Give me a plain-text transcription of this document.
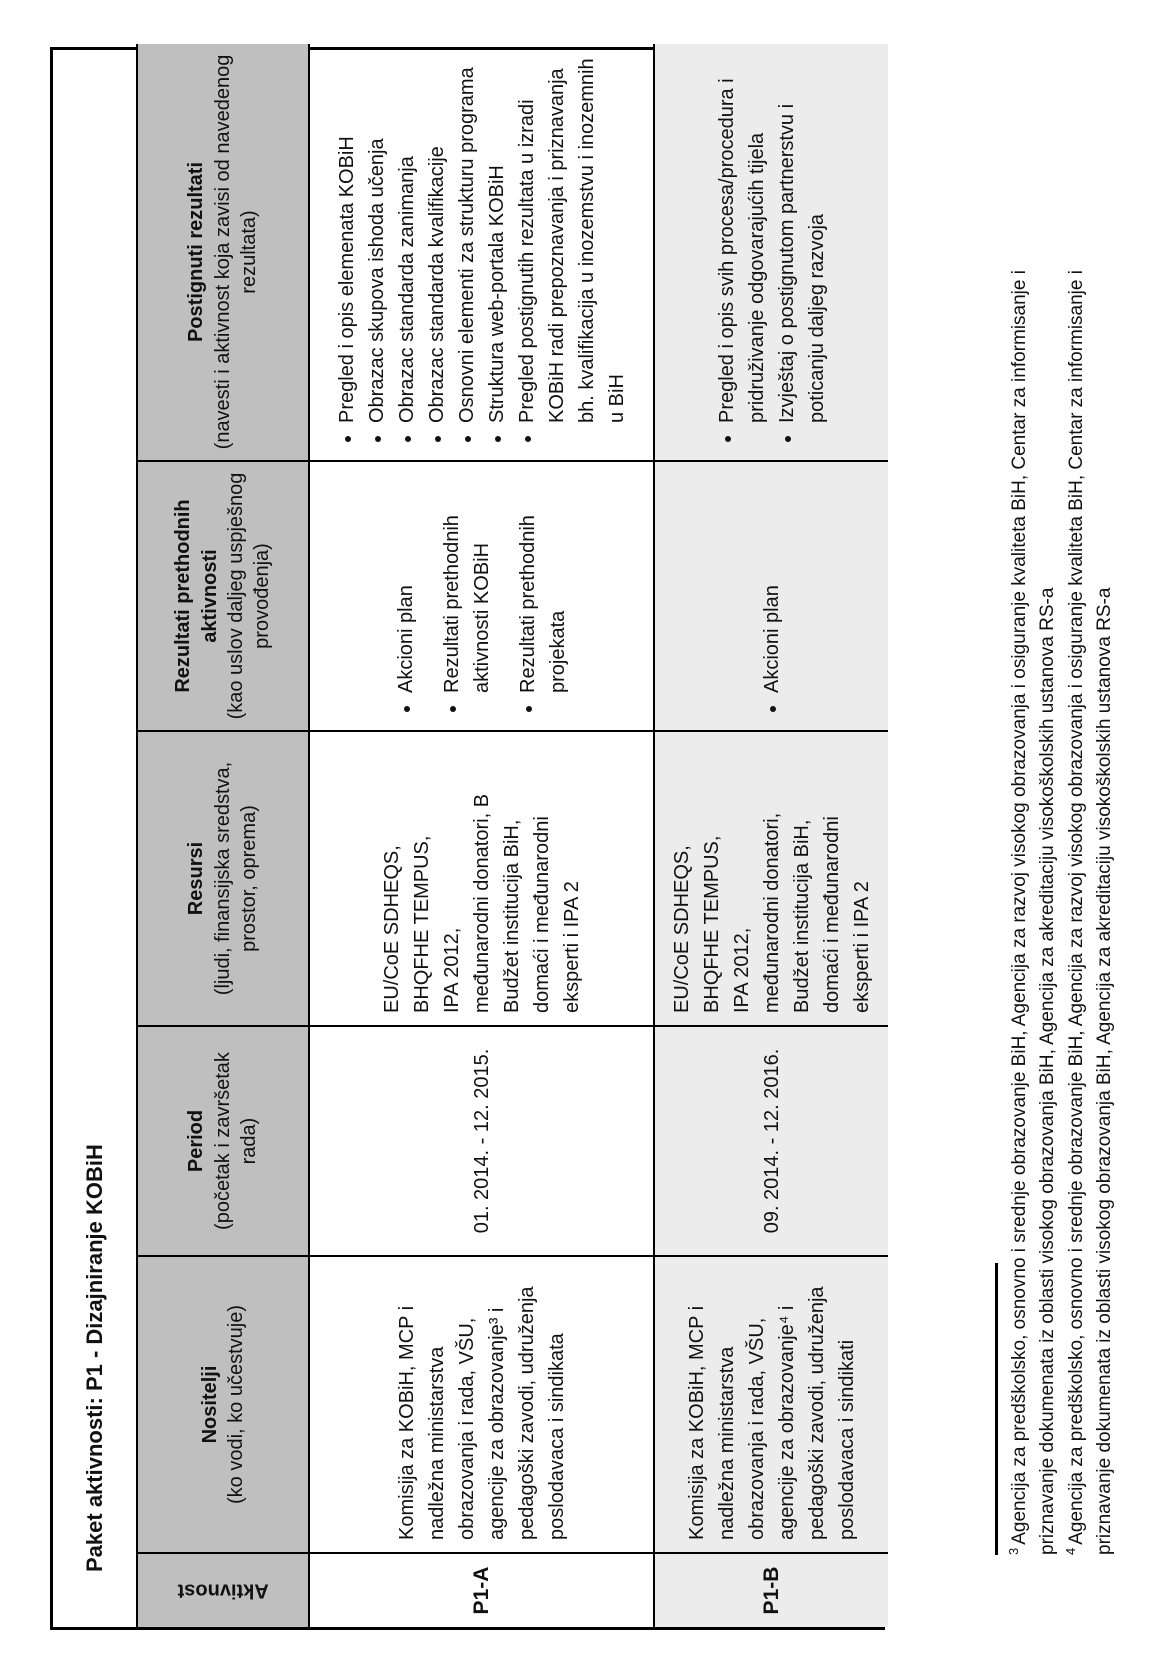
Paket aktivnosti: P1 - Dizajniranje KOBiH
Aktivnost
Nositelji (ko vodi, ko učestvuje)
Period (početak i završetak rada)
Resursi (ljudi, finansijska sredstva, prostor, oprema)
Rezultati prethodnih aktivnosti (kao uslov daljeg uspješnog provođenja)
Postignuti rezultati (navesti i aktivnost koja zavisi od navedenog rezultata)
P1-A
Komisija za KOBiH, MCP i nadležna ministarstva obrazovanja i rada, VŠU, agencije za obrazovanje³ i pedagoški zavodi, udruženja poslodavaca i sindikata
01. 2014. - 12. 2015.
EU/CoE SDHEQS, BHQFHE TEMPUS, IPA 2012, međunarodni donatori, B Budžet institucija BiH, domaći i međunarodni eksperti i IPA 2
• Akcioni plan • Rezultati prethodnih aktivnosti KOBiH • Rezultati prethodnih projekata
• Pregled i opis elemenata KOBiH • Obrazac skupova ishoda učenja • Obrazac standarda zanimanja • Obrazac standarda kvalifikacije • Osnovni elementi za strukturu programa • Struktura web-portala KOBiH • Pregled postignutih rezultata u izradi KOBiH radi prepoznavanja i priznavanja bh. kvalifikacija u inozemstvu i inozemnih u BiH
P1-B
Komisija za KOBiH, MCP i nadležna ministarstva obrazovanja i rada, VŠU, agencije za obrazovanje⁴ i pedagoški zavodi, udruženja poslodavaca i sindikati
09. 2014. - 12. 2016.
EU/CoE SDHEQS, BHQFHE TEMPUS, IPA 2012, međunarodni donatori, Budžet institucija BiH, domaći i međunarodni eksperti i IPA 2
• Akcioni plan
• Pregled i opis svih procesa/procedura i pridruživanje odgovarajućih tijela • Izvještaj o postignutom partnerstvu i poticanju daljeg razvoja

$^3$Agencija za predškolsko, osnovno i srednje obrazovanje BiH, Agencija za razvoj visokog obrazovanja i osiguranje kvaliteta BiH, Centar za informisanje i priznavanje dokumenata iz oblasti visokog obrazovanja BiH, Agencija za akreditaciju visokoškolskih ustanova RS-a $^4$Agencija za predškolsko, osnovno i srednje obrazovanje BiH, Agencija za razvoj visokog obrazovanja i osiguranje kvaliteta BiH, Centar za informisanje i priznavanje dokumenata iz oblasti visokog obrazovanja BiH, Agencija za akreditaciju visokoškolskih ustanova RS-a
